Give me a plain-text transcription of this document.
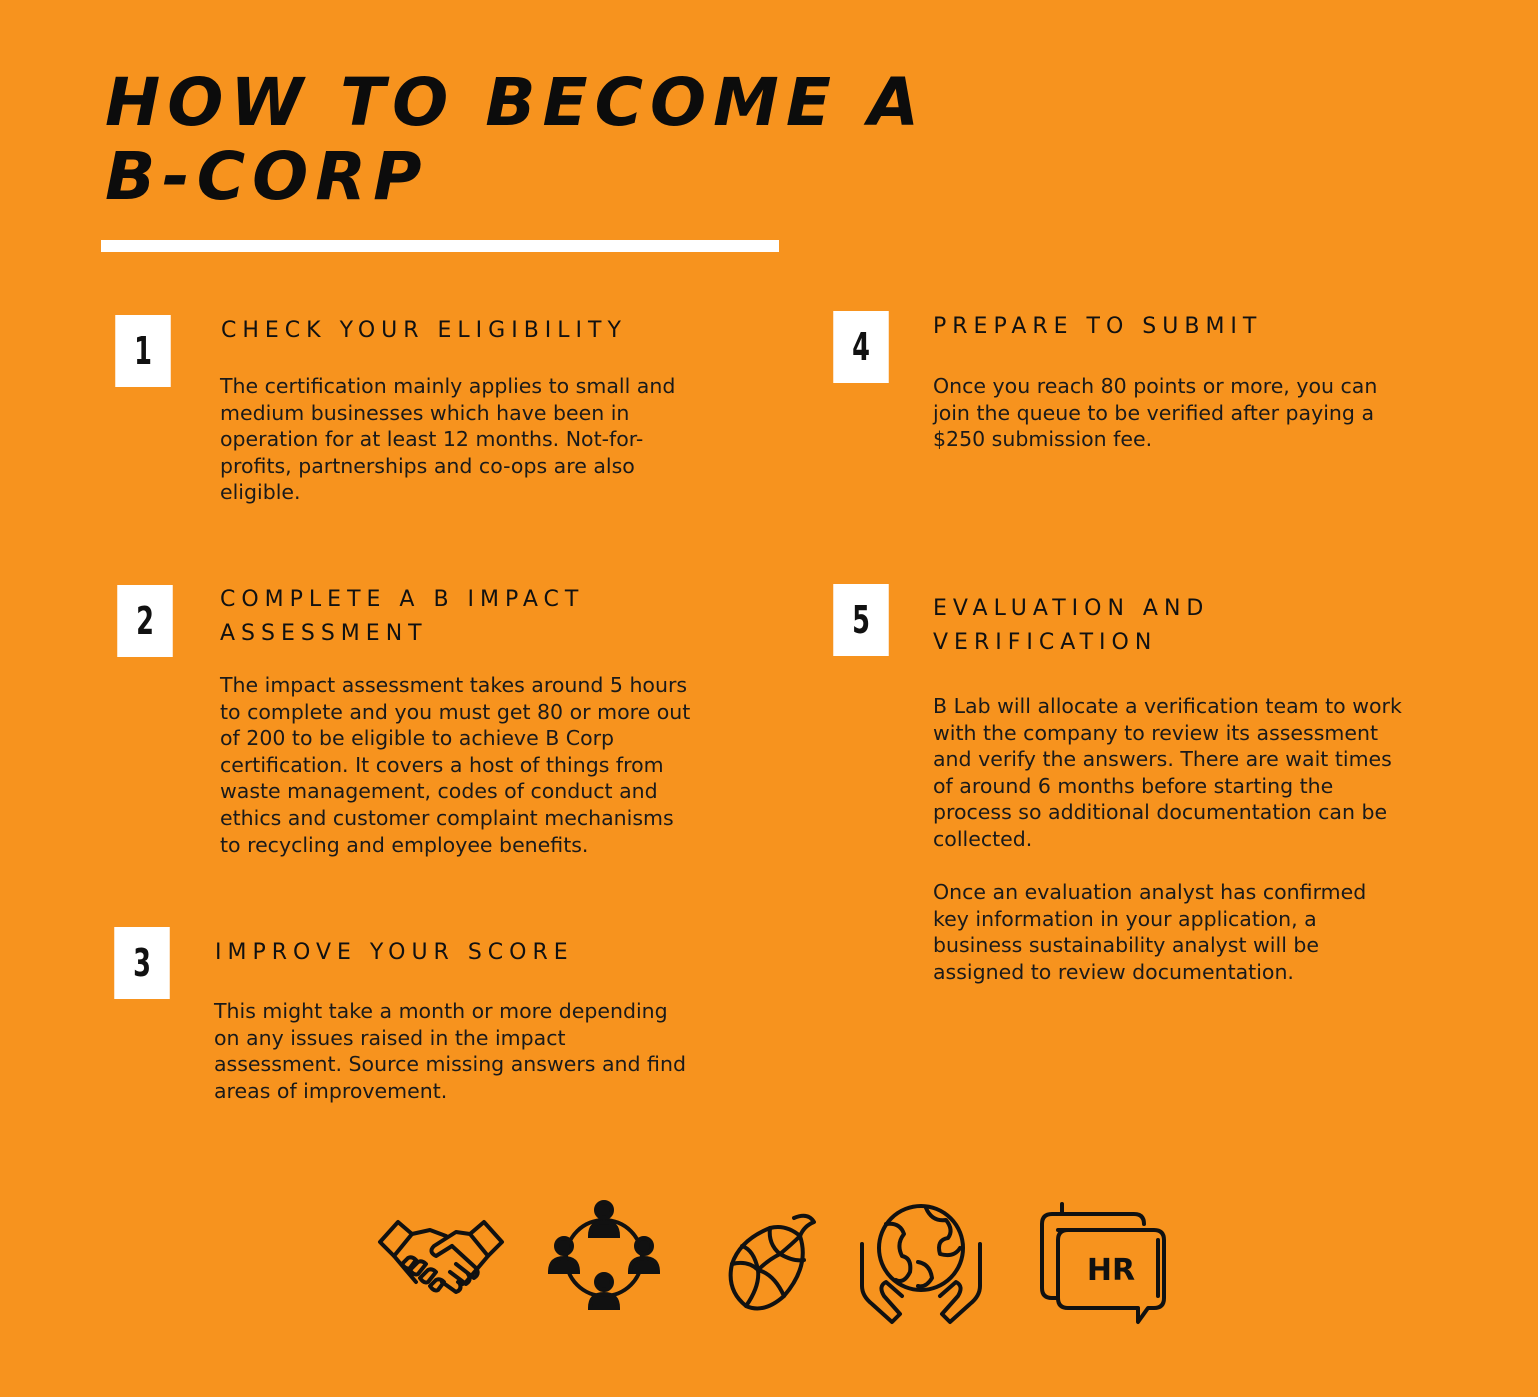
HOW TO BECOME A
B-CORP
1	CHECK YOUR ELIGIBILITY

The certification mainly applies to small and medium businesses which have been in operation for at least 12 months. Not-for-profits, partnerships and co-ops are also eligible.

2	COMPLETE A B IMPACT ASSESSMENT

The impact assessment takes around 5 hours to complete and you must get 80 or more out of 200 to be eligible to achieve B Corp certification. It covers a host of things from waste management, codes of conduct and ethics and customer complaint mechanisms to recycling and employee benefits.

3	IMPROVE YOUR SCORE

This might take a month or more depending on any issues raised in the impact assessment. Source missing answers and find areas of improvement.

4	PREPARE TO SUBMIT

Once you reach 80 points or more, you can join the queue to be verified after paying a $250 submission fee.

5	EVALUATION AND VERIFICATION

B Lab will allocate a verification team to work with the company to review its assessment and verify the answers. There are wait times of around 6 months before starting the process so additional documentation can be collected.

Once an evaluation analyst has confirmed key information in your application, a business sustainability analyst will be assigned to review documentation.

HR
